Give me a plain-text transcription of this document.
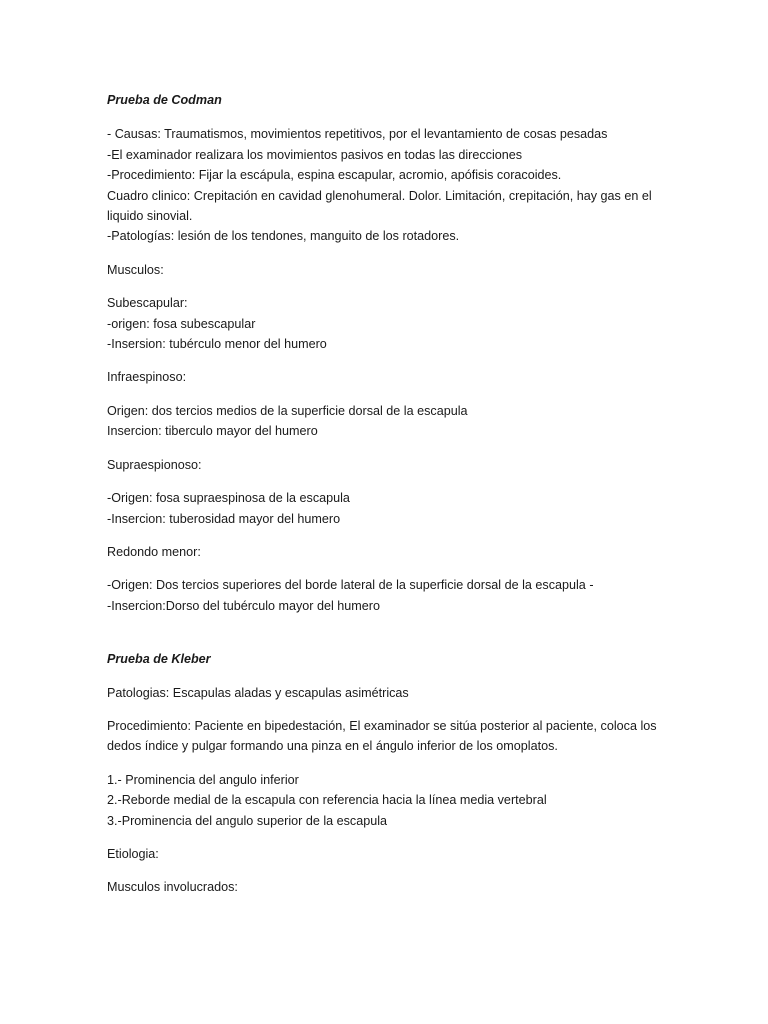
Prueba de Codman

- Causas: Traumatismos, movimientos repetitivos, por el levantamiento de cosas pesadas
-El examinador realizara los movimientos pasivos en todas las direcciones
-Procedimiento: Fijar la escápula, espina escapular, acromio, apófisis coracoides.
Cuadro clinico: Crepitación en cavidad glenohumeral. Dolor. Limitación, crepitación, hay gas en el liquido sinovial.
-Patologías: lesión de los tendones, manguito de los rotadores.

Musculos:

Subescapular:
-origen: fosa subescapular
-Insersion: tubérculo menor del humero

Infraespinoso:

Origen: dos tercios medios de la superficie dorsal de la escapula
Insercion: tiberculo mayor del humero

Supraespionoso:

-Origen: fosa supraespinosa de la escapula
-Insercion: tuberosidad mayor del humero

Redondo menor:

-Origen: Dos tercios superiores del borde lateral de la superficie dorsal de la escapula -
-Insercion:Dorso del tubérculo mayor del humero

Prueba de Kleber

Patologias: Escapulas aladas y escapulas asimétricas

Procedimiento: Paciente en bipedestación, El examinador se sitúa posterior al paciente, coloca los dedos índice y pulgar formando una pinza en el ángulo inferior de los omoplatos.

1.- Prominencia del angulo inferior
2.-Reborde medial de la escapula con referencia hacia la línea media vertebral
3.-Prominencia del angulo superior de la escapula

Etiologia:

Musculos involucrados:
